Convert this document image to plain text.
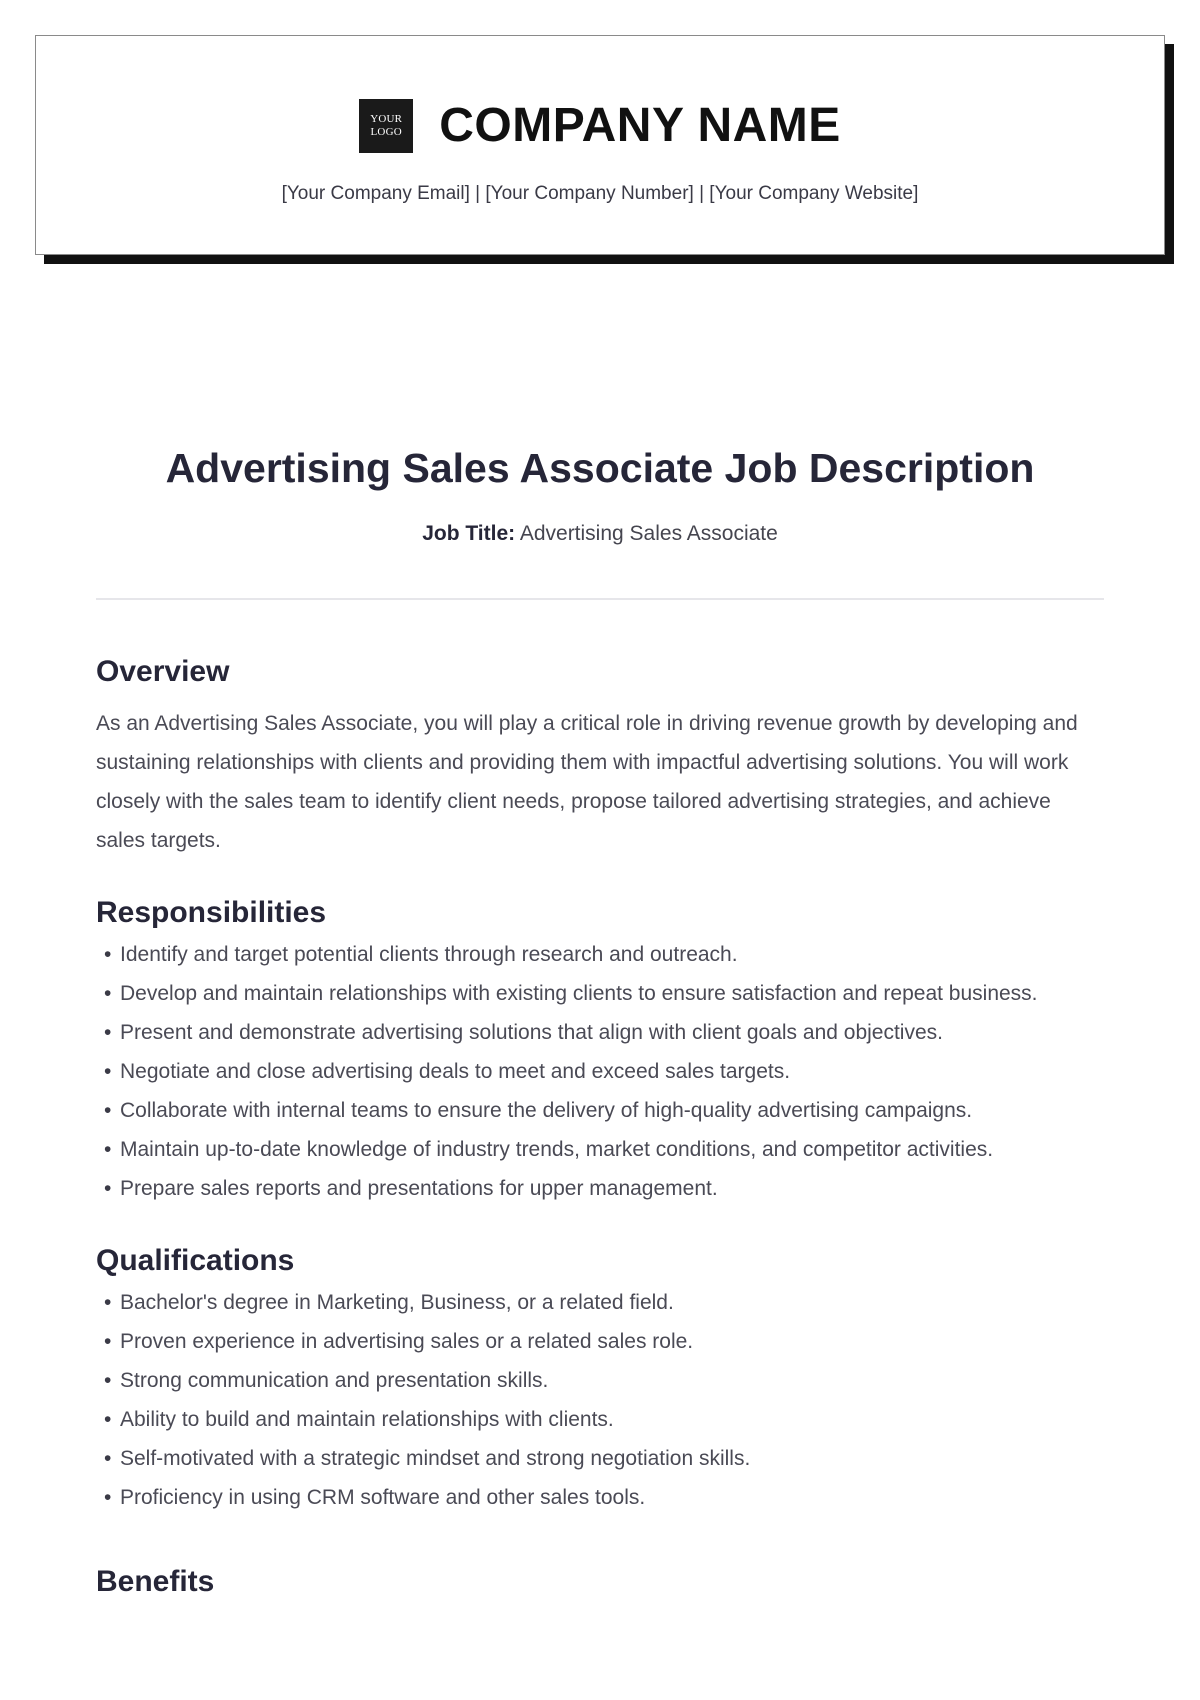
YOUR
LOGO COMPANY NAME
[Your Company Email] | [Your Company Number] | [Your Company Website]
Advertising Sales Associate Job Description
Job Title: Advertising Sales Associate
Overview

As an Advertising Sales Associate, you will play a critical role in driving revenue growth by developing and sustaining relationships with clients and providing them with impactful advertising solutions. You will work closely with the sales team to identify client needs, propose tailored advertising strategies, and achieve sales targets.

Responsibilities
• Identify and target potential clients through research and outreach.
• Develop and maintain relationships with existing clients to ensure satisfaction and repeat business.
• Present and demonstrate advertising solutions that align with client goals and objectives.
• Negotiate and close advertising deals to meet and exceed sales targets.
• Collaborate with internal teams to ensure the delivery of high-quality advertising campaigns.
• Maintain up-to-date knowledge of industry trends, market conditions, and competitor activities.
• Prepare sales reports and presentations for upper management.
Qualifications
• Bachelor's degree in Marketing, Business, or a related field.
• Proven experience in advertising sales or a related sales role.
• Strong communication and presentation skills.
• Ability to build and maintain relationships with clients.
• Self-motivated with a strategic mindset and strong negotiation skills.
• Proficiency in using CRM software and other sales tools.
Benefits
